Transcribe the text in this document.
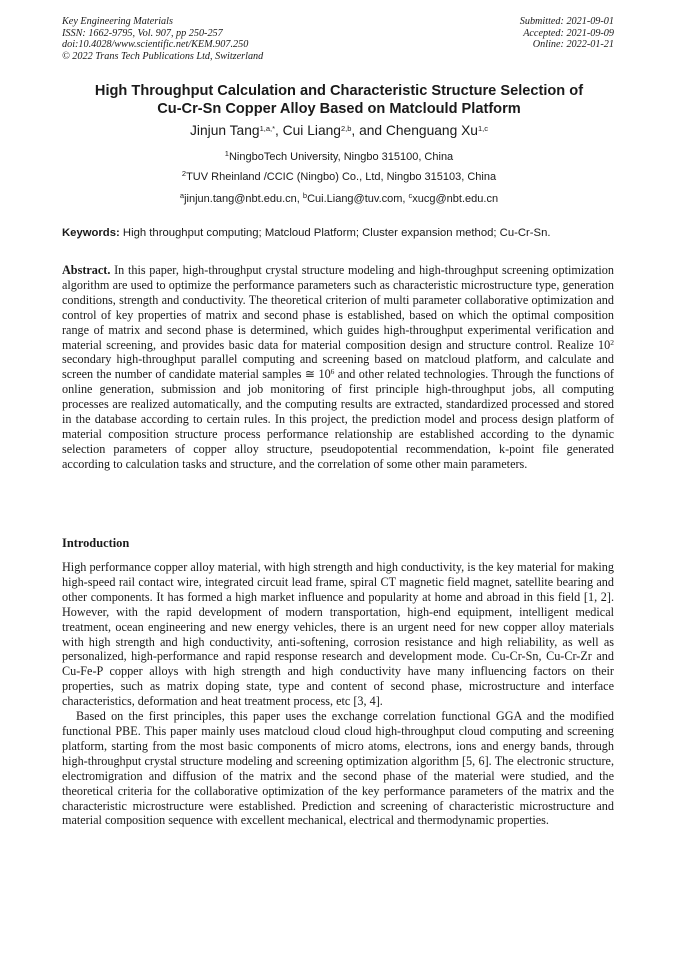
Key Engineering Materials
ISSN: 1662-9795, Vol. 907, pp 250-257
doi:10.4028/www.scientific.net/KEM.907.250
© 2022 Trans Tech Publications Ltd, Switzerland
Submitted: 2021-09-01
Accepted: 2021-09-09
Online: 2022-01-21
High Throughput Calculation and Characteristic Structure Selection of
Cu-Cr-Sn Copper Alloy Based on Matclould Platform
Jinjun Tang$^{1,a,*}$, Cui Liang$^{2,b}$, and Chenguang Xu$^{1,c}$
$^1$NingboTech University, Ningbo 315100, China
$^2$TUV Rheinland /CCIC (Ningbo) Co., Ltd, Ningbo 315103, China
$^a$jinjun.tang@nbt.edu.cn, $^b$Cui.Liang@tuv.com, $^c$xucg@nbt.edu.cn
Keywords: High throughput computing; Matcloud Platform; Cluster expansion method; Cu-Cr-Sn.

Abstract. In this paper, high-throughput crystal structure modeling and high-throughput screening optimization algorithm are used to optimize the performance parameters such as characteristic microstructure type, generation conditions, strength and conductivity. The theoretical criterion of multi parameter collaborative optimization and control of key properties of matrix and second phase is established, based on which the optimal composition range of matrix and second phase is determined, which guides high-throughput experimental verification and material screening, and provides basic data for material composition design and structure control. Realize $10^2$ secondary high-throughput parallel computing and screening based on matcloud platform, and calculate and screen the number of candidate material samples ≅ $10^6$ and other related technologies. Through the functions of online generation, submission and job monitoring of first principle high-throughput jobs, all computing processes are realized automatically, and the computing results are extracted, standardized processed and stored in the database according to certain rules. In this project, the prediction model and process design platform of material composition structure process performance relationship are established according to the dynamic selection parameters of copper alloy structure, pseudopotential recommendation, k-point file generated according to calculation tasks and structure, and the correlation of some other main parameters.

Introduction

High performance copper alloy material, with high strength and high conductivity, is the key material for making high-speed rail contact wire, integrated circuit lead frame, spiral CT magnetic field magnet, satellite bearing and other components. It has formed a high market influence and popularity at home and abroad in this field [1, 2]. However, with the rapid development of modern transportation, high-end equipment, intelligent medical treatment, ocean engineering and new energy vehicles, there is an urgent need for new copper alloy materials with high strength and high conductivity, anti-softening, corrosion resistance and high reliability, as well as personalized, high-performance and rapid response research and development mode. Cu-Cr-Sn, Cu-Cr-Zr and Cu-Fe-P copper alloys with high strength and high conductivity have many influencing factors on their properties, such as matrix doping state, type and content of second phase, microstructure and interface characteristics, deformation and heat treatment process, etc [3, 4].

Based on the first principles, this paper uses the exchange correlation functional GGA and the modified functional PBE. This paper mainly uses matcloud cloud cloud high-throughput cloud computing and screening platform, starting from the most basic components of micro atoms, electrons, ions and energy bands, through high-throughput crystal structure modeling and screening optimization algorithm [5, 6]. The electronic structure, electromigration and diffusion of the matrix and the second phase of the material were studied, and the theoretical criteria for the collaborative optimization of the key performance parameters of the matrix and the characteristic microstructure were established. Prediction and screening of characteristic microstructure and material composition sequence with excellent mechanical, electrical and thermodynamic properties.
